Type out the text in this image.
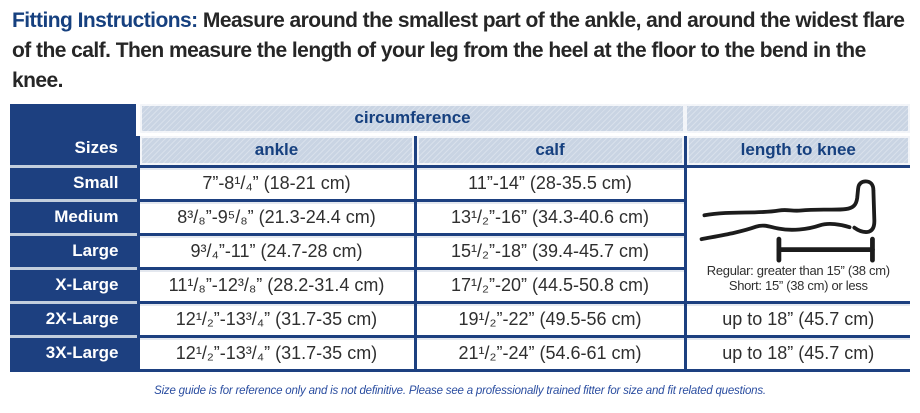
Fitting Instructions: Measure around the smallest part of the ankle, and around the widest flare of the calf. Then measure the length of your leg from the heel at the floor to the bend in the knee.

Sizes	circumference		
	ankle	calf	length to knee
Small	7”-8¹/₄” (18-21 cm)	11”-14” (28-35.5 cm)	Regular: greater than 15” (38 cm)
Short: 15” (38 cm) or less

Medium	8³/₈”-9⁵/₈” (21.3-24.4 cm)	13¹/₂”-16” (34.3-40.6 cm)	
Large	9³/₄”-11” (24.7-28 cm)	15¹/₂”-18” (39.4-45.7 cm)	
X-Large	11¹/₈”-12³/₈” (28.2-31.4 cm)	17¹/₂”-20” (44.5-50.8 cm)	
2X-Large	12¹/₂”-13³/₄” (31.7-35 cm)	19¹/₂”-22” (49.5-56 cm)	up to 18” (45.7 cm)
3X-Large	12¹/₂”-13³/₄” (31.7-35 cm)	21¹/₂”-24” (54.6-61 cm)	up to 18” (45.7 cm)
Size guide is for reference only and is not definitive. Please see a professionally trained fitter for size and fit related questions.
